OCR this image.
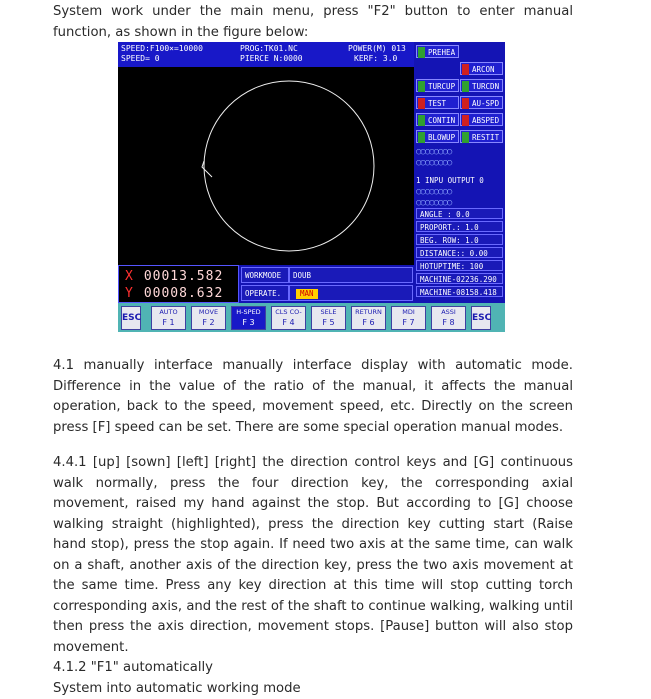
System work under the main menu, press "F2" button to enter manual function, as shown in the figure below:

SPEED:F100×=10000
SPEED= 0
PROG:TK01.NC
PIERCE N:0000
POWER(M) 013
KERF: 3.0
PREHEA
ARCON
TURCUP	TURCDN
TEST	AU-SPD
CONTIN	ABSPED
BLOWUP	RESTIT
○○○○○○○○
○○○○○○○○
○○○○○○○○
○○○○○○○○
1 INPU OUTPUT 0
X 00013.582
Y 00008.632
WORKMODE	DOUB
OPERATE.	MAN
ESC
AUTO
F 1
MOVE
F 2
H-SPED
F 3
CLS CO-
F 4
SELE
F 5
RETURN
F 6
MDI
F 7
ASSI
F 8	ESC
ANGLE : 0.0
PROPORT.: 1.0
BEG. ROW: 1.0
DISTANCE:: 0.00
HOTUPTIME: 100
MACHINE-02236.290
MACHINE-08158.418

4.1 manually interface manually interface display with automatic mode. Difference in the value of the ratio of the manual, it affects the manual operation, back to the speed, movement speed, etc. Directly on the screen press [F] speed can be set. There are some special operation manual modes.

4.4.1 [up] [sown] [left] [right] the direction control keys and [G] continuous walk normally, press the four direction key, the corresponding axial movement, raised my hand against the stop. But according to [G] choose walking straight (highlighted), press the direction key cutting start (Raise hand stop), press the stop again. If need two axis at the same time, can walk on a shaft, another axis of the direction key, press the two axis movement at the same time. Press any key direction at this time will stop cutting torch corresponding axis, and the rest of the shaft to continue walking, walking until then press the axis direction, movement stops. [Pause] button will also stop movement.

4.1.2 "F1" automatically

System into automatic working mode
